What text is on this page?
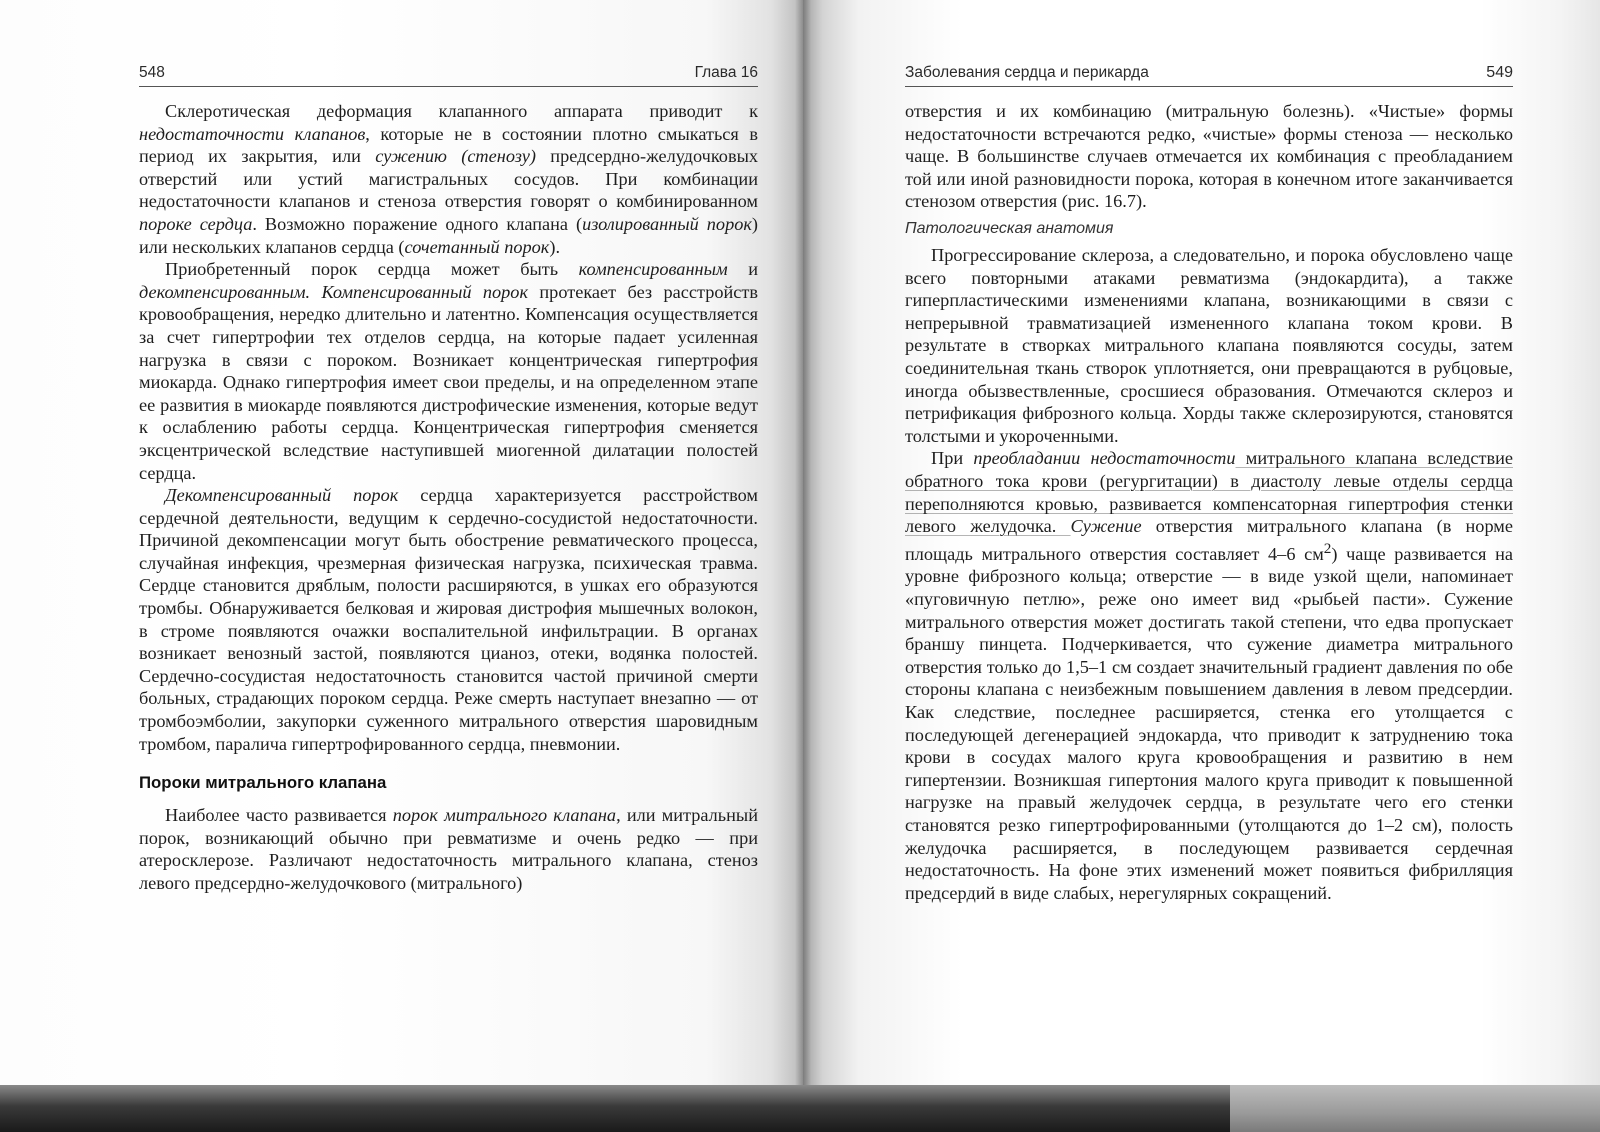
548	Глава 16

Склеротическая деформация клапанного аппарата приводит к недостаточности клапанов, которые не в состоянии плотно смыкаться в период их закрытия, или сужению (стенозу) предсердно-желудочковых отверстий или устий магистральных сосудов. При комбинации недостаточности клапанов и стеноза отверстия говорят о комбинированном пороке сердца. Возможно поражение одного клапана (изолированный порок) или нескольких клапанов сердца (сочетанный порок).

Приобретенный порок сердца может быть компенсированным и декомпенсированным. Компенсированный порок протекает без расстройств кровообращения, нередко длительно и латентно. Компенсация осуществляется за счет гипертрофии тех отделов сердца, на которые падает усиленная нагрузка в связи с пороком. Возникает концентрическая гипертрофия миокарда. Однако гипертрофия имеет свои пределы, и на определенном этапе ее развития в миокарде появляются дистрофические изменения, которые ведут к ослаблению работы сердца. Концентрическая гипертрофия сменяется эксцентрической вследствие наступившей миогенной дилатации полостей сердца.

Декомпенсированный порок сердца характеризуется расстройством сердечной деятельности, ведущим к сердечно-сосудистой недостаточности. Причиной декомпенсации могут быть обострение ревматического процесса, случайная инфекция, чрезмерная физическая нагрузка, психическая травма. Сердце становится дряблым, полости расширяются, в ушках его образуются тромбы. Обнаруживается белковая и жировая дистрофия мышечных волокон, в строме появляются очажки воспалительной инфильтрации. В органах возникает венозный застой, появляются цианоз, отеки, водянка полостей. Сердечно-сосудистая недостаточность становится частой причиной смерти больных, страдающих пороком сердца. Реже смерть наступает внезапно — от тромбоэмболии, закупорки суженного митрального отверстия шаровидным тромбом, паралича гипертрофированного сердца, пневмонии.

Пороки митрального клапана

Наиболее часто развивается порок митрального клапана, или митральный порок, возникающий обычно при ревматизме и очень редко — при атеросклерозе. Различают недостаточность митрального клапана, стеноз левого предсердно-желудочкового (митрального)

Заболевания сердца и перикарда	549

отверстия и их комбинацию (митральную болезнь). «Чистые» формы недостаточности встречаются редко, «чистые» формы стеноза — несколько чаще. В большинстве случаев отмечается их комбинация с преобладанием той или иной разновидности порока, которая в конечном итоге заканчивается стенозом отверстия (рис. 16.7).

Патологическая анатомия

Прогрессирование склероза, а следовательно, и порока обусловлено чаще всего повторными атаками ревматизма (эндокардита), а также гиперпластическими изменениями клапана, возникающими в связи с непрерывной травматизацией измененного клапана током крови. В результате в створках митрального клапана появляются сосуды, затем соединительная ткань створок уплотняется, они превращаются в рубцовые, иногда обызвествленные, сросшиеся образования. Отмечаются склероз и петрификация фиброзного кольца. Хорды также склерозируются, становятся толстыми и укороченными.

При преобладании недостаточности митрального клапана вследствие обратного тока крови (регургитации) в диастолу левые отделы сердца переполняются кровью, развивается компенсаторная гипертрофия стенки левого желудочка. Сужение отверстия митрального клапана (в норме площадь митрального отверстия составляет 4–6 $см^2$) чаще развивается на уровне фиброзного кольца; отверстие — в виде узкой щели, напоминает «пуговичную петлю», реже оно имеет вид «рыбьей пасти». Сужение митрального отверстия может достигать такой степени, что едва пропускает браншу пинцета. Подчеркивается, что сужение диаметра митрального отверстия только до 1,5–1 см создает значительный градиент давления по обе стороны клапана с неизбежным повышением давления в левом предсердии. Как следствие, последнее расширяется, стенка его утолщается с последующей дегенерацией эндокарда, что приводит к затруднению тока крови в сосудах малого круга кровообращения и развитию в нем гипертензии. Возникшая гипертония малого круга приводит к повышенной нагрузке на правый желудочек сердца, в результате чего его стенки становятся резко гипертрофированными (утолщаются до 1–2 см), полость желудочка расширяется, в последующем развивается сердечная недостаточность. На фоне этих изменений может появиться фибрилляция предсердий в виде слабых, нерегулярных сокращений.
